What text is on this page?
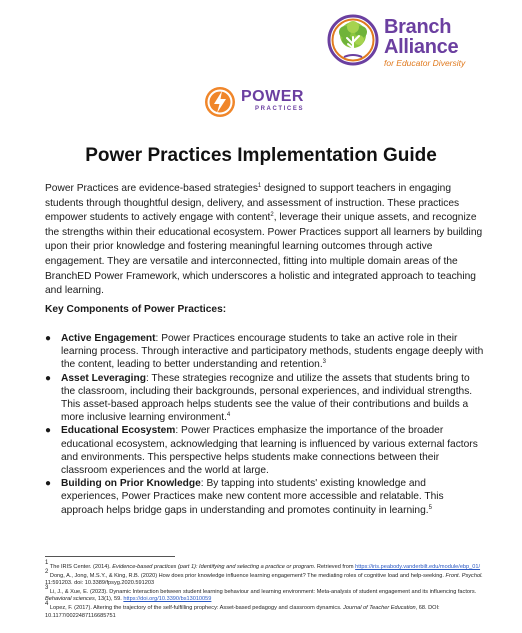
Branch
Alliance
for Educator Diversity
POWER
PRACTICES
Power Practices Implementation Guide

Power Practices are evidence-based strategies$^1$ designed to support teachers in engaging students through thoughtful design, delivery, and assessment of instruction. These practices empower students to actively engage with content$^2$, leverage their unique assets, and recognize the strengths within their educational ecosystem. Power Practices support all learners by building upon their prior knowledge and fostering meaningful learning outcomes through active engagement. They are versatile and interconnected, fitting into multiple domain areas of the BranchED Power Framework, which underscores a holistic and integrated approach to teaching and learning.

Key Components of Power Practices:

● Active Engagement: Power Practices encourage students to take an active role in their learning process. Through interactive and participatory methods, students engage deeply with the content, leading to better understanding and retention.$^3$
● Asset Leveraging: These strategies recognize and utilize the assets that students bring to the classroom, including their backgrounds, personal experiences, and individual strengths. This asset-based approach helps students see the value of their contributions and builds a more inclusive learning environment.$^4$
● Educational Ecosystem: Power Practices emphasize the importance of the broader educational ecosystem, acknowledging that learning is influenced by various external factors and environments. This perspective helps students make connections between their classroom experiences and the world at large.
● Building on Prior Knowledge: By tapping into students' existing knowledge and experiences, Power Practices make new content more accessible and relatable. This approach helps bridge gaps in understanding and promotes continuity in learning.$^5$
$^1$ The IRIS Center. (2014). Evidence-based practices (part 1): Identifying and selecting a practice or program. Retrieved from https://iris.peabody.vanderbilt.edu/module/ebp_01/
$^2$ Dong, A., Jong, M.S.Y., & King, R.B. (2020) How does prior knowledge influence learning engagement? The mediating roles of cognitive load and help-seeking. Front. Psychol. 11:591203. doi: 10.3389/fpsyg.2020.591203
$^3$ Li, J., & Xue, E. (2023). Dynamic Interaction between student learning behaviour and learning environment: Meta-analysis of student engagement and its influencing factors. Behavioral sciences, 13(1), 59. https://doi.org/10.3390/bs13010059
$^4$ Lopez, F. (2017). Altering the trajectory of the self-fulfilling prophecy: Asset-based pedagogy and classroom dynamics. Journal of Teacher Education, 68. DOI: 10.1177/0022487116685751
